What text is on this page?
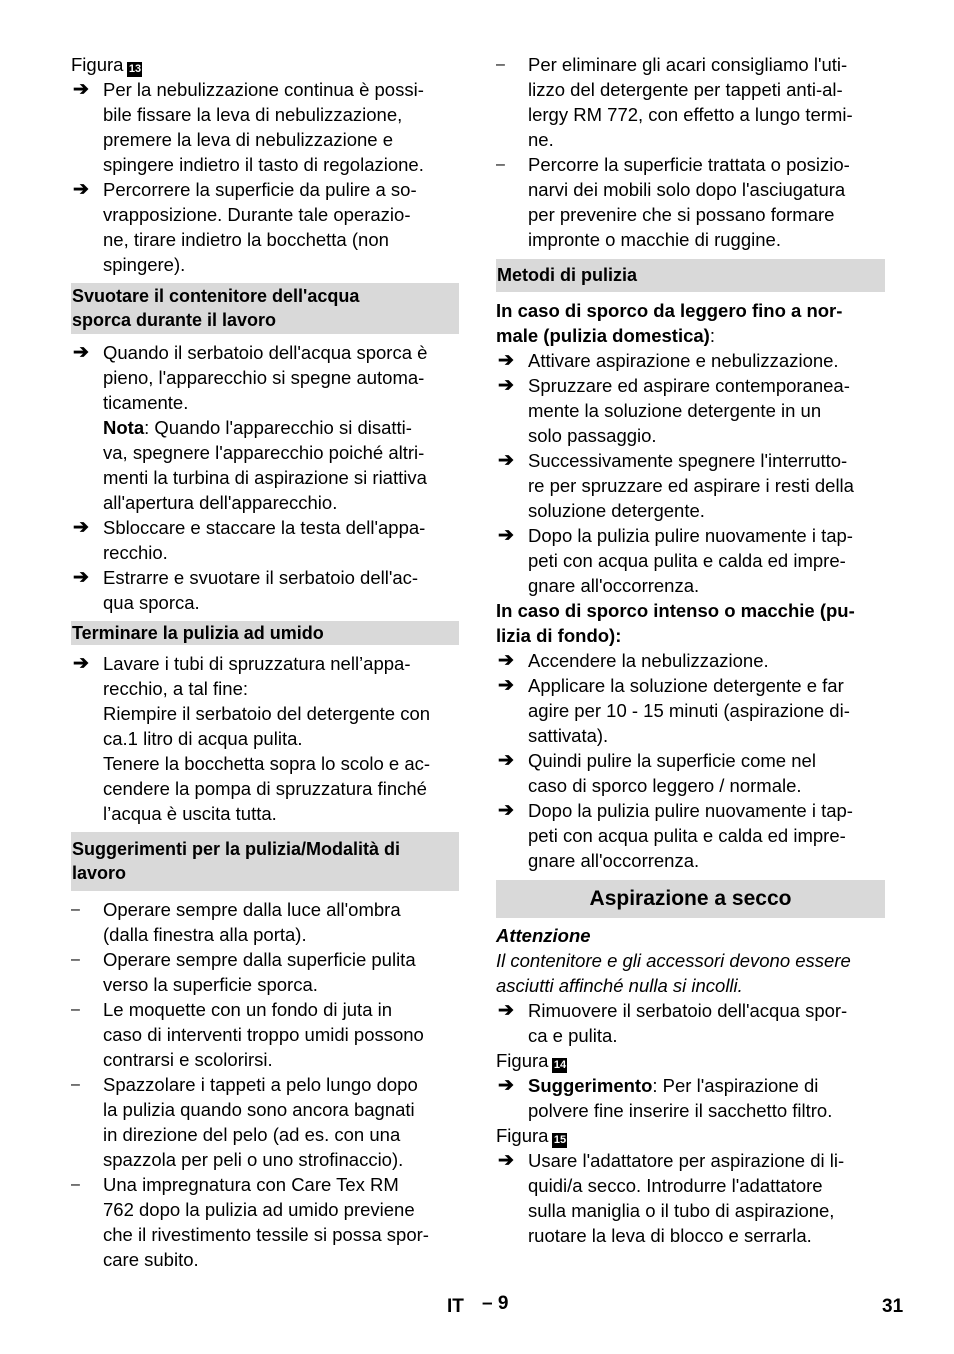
Figura 13
➔ Per la nebulizzazione continua è possi-
bile fissare la leva di nebulizzazione,
premere la leva di nebulizzazione e
spingere indietro il tasto di regolazione.
➔ Percorrere la superficie da pulire a so-
vrapposizione. Durante tale operazio-
ne, tirare indietro la bocchetta (non
spingere).
Svuotare il contenitore dell'acqua
sporca durante il lavoro
➔ Quando il serbatoio dell'acqua sporca è
pieno, l'apparecchio si spegne automa-
ticamente.
Nota: Quando l'apparecchio si disatti-
va, spegnere l'apparecchio poiché altri-
menti la turbina di aspirazione si riattiva
all'apertura dell'apparecchio.
➔ Sbloccare e staccare la testa dell'appa-
recchio.
➔ Estrarre e svuotare il serbatoio dell'ac-
qua sporca.
Terminare la pulizia ad umido
➔ Lavare i tubi di spruzzatura nell’appa-
recchio, a tal fine:
Riempire il serbatoio del detergente con
ca.1 litro di acqua pulita.
Tenere la bocchetta sopra lo scolo e ac-
cendere la pompa di spruzzatura finché
l’acqua è uscita tutta.
Suggerimenti per la pulizia/Modalità di
lavoro
– Operare sempre dalla luce all'ombra
(dalla finestra alla porta).
– Operare sempre dalla superficie pulita
verso la superficie sporca.
– Le moquette con un fondo di juta in
caso di interventi troppo umidi possono
contrarsi e scolorirsi.
– Spazzolare i tappeti a pelo lungo dopo
la pulizia quando sono ancora bagnati
in direzione del pelo (ad es. con una
spazzola per peli o uno strofinaccio).
– Una impregnatura con Care Tex RM
762 dopo la pulizia ad umido previene
che il rivestimento tessile si possa spor-
care subito.
– Per eliminare gli acari consigliamo l'uti-
lizzo del detergente per tappeti anti-al-
lergy RM 772, con effetto a lungo termi-
ne.
– Percorre la superficie trattata o posizio-
narvi dei mobili solo dopo l'asciugatura
per prevenire che si possano formare
impronte o macchie di ruggine.
Metodi di pulizia
In caso di sporco da leggero fino a nor-
male (pulizia domestica):
➔ Attivare aspirazione e nebulizzazione.
➔ Spruzzare ed aspirare contemporanea-
mente la soluzione detergente in un
solo passaggio.
➔ Successivamente spegnere l'interrutto-
re per spruzzare ed aspirare i resti della
soluzione detergente.
➔ Dopo la pulizia pulire nuovamente i tap-
peti con acqua pulita e calda ed impre-
gnare all'occorrenza.
In caso di sporco intenso o macchie (pu-
lizia di fondo):
➔ Accendere la nebulizzazione.
➔ Applicare la soluzione detergente e far
agire per 10 - 15 minuti (aspirazione di-
sattivata).
➔ Quindi pulire la superficie come nel
caso di sporco leggero / normale.
➔ Dopo la pulizia pulire nuovamente i tap-
peti con acqua pulita e calda ed impre-
gnare all'occorrenza.
Aspirazione a secco
Attenzione
Il contenitore e gli accessori devono essere
asciutti affinché nulla si incolli.
➔ Rimuovere il serbatoio dell'acqua spor-
ca e pulita.
Figura 14
➔ Suggerimento: Per l'aspirazione di
polvere fine inserire il sacchetto filtro.
Figura 15
➔ Usare l'adattatore per aspirazione di li-
quidi/a secco. Introdurre l'adattatore
sulla maniglia o il tubo di aspirazione,
ruotare la leva di blocco e serrarla.
IT – 9	31
